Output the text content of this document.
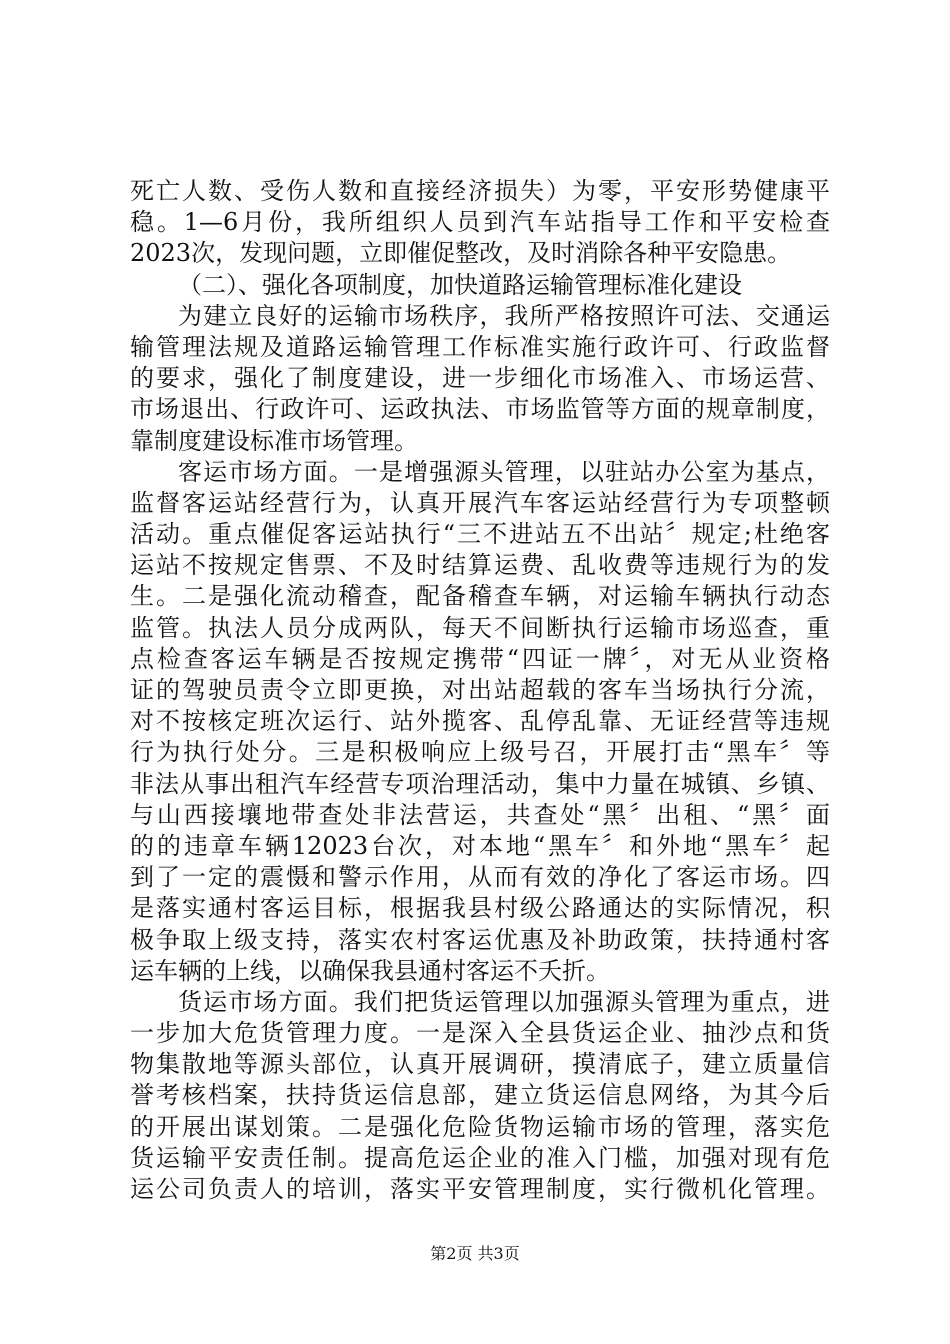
死亡人数、受伤人数和直接经济损失）为零，平安形势健康平
稳。1—6月份，我所组织人员到汽车站指导工作和平安检查
2023次，发现问题，立即催促整改，及时消除各种平安隐患。
（二）、强化各项制度，加快道路运输管理标准化建设
为建立良好的运输市场秩序，我所严格按照许可法、交通运
输管理法规及道路运输管理工作标准实施行政许可、行政监督
的要求，强化了制度建设，进一步细化市场准入、市场运营、
市场退出、行政许可、运政执法、市场监管等方面的规章制度，
靠制度建设标准市场管理。
客运市场方面。一是增强源头管理，以驻站办公室为基点，
监督客运站经营行为，认真开展汽车客运站经营行为专项整顿
活动。重点催促客运站执行“三不进站五不出站〞规定;杜绝客
运站不按规定售票、不及时结算运费、乱收费等违规行为的发
生。二是强化流动稽查，配备稽查车辆，对运输车辆执行动态
监管。执法人员分成两队，每天不间断执行运输市场巡查，重
点检查客运车辆是否按规定携带“四证一牌〞，对无从业资格
证的驾驶员责令立即更换，对出站超载的客车当场执行分流，
对不按核定班次运行、站外揽客、乱停乱靠、无证经营等违规
行为执行处分。三是积极响应上级号召，开展打击“黑车〞等
非法从事出租汽车经营专项治理活动，集中力量在城镇、乡镇、
与山西接壤地带查处非法营运，共查处“黑〞出租、“黑〞面
的的违章车辆12023台次，对本地“黑车〞和外地“黑车〞起
到了一定的震慑和警示作用，从而有效的净化了客运市场。四
是落实通村客运目标，根据我县村级公路通达的实际情况，积
极争取上级支持，落实农村客运优惠及补助政策，扶持通村客
运车辆的上线，以确保我县通村客运不夭折。
货运市场方面。我们把货运管理以加强源头管理为重点，进
一步加大危货管理力度。一是深入全县货运企业、抽沙点和货
物集散地等源头部位，认真开展调研，摸清底子，建立质量信
誉考核档案，扶持货运信息部，建立货运信息网络，为其今后
的开展出谋划策。二是强化危险货物运输市场的管理，落实危
货运输平安责任制。提高危运企业的准入门槛，加强对现有危
运公司负责人的培训，落实平安管理制度，实行微机化管理。
第2页 共3页
